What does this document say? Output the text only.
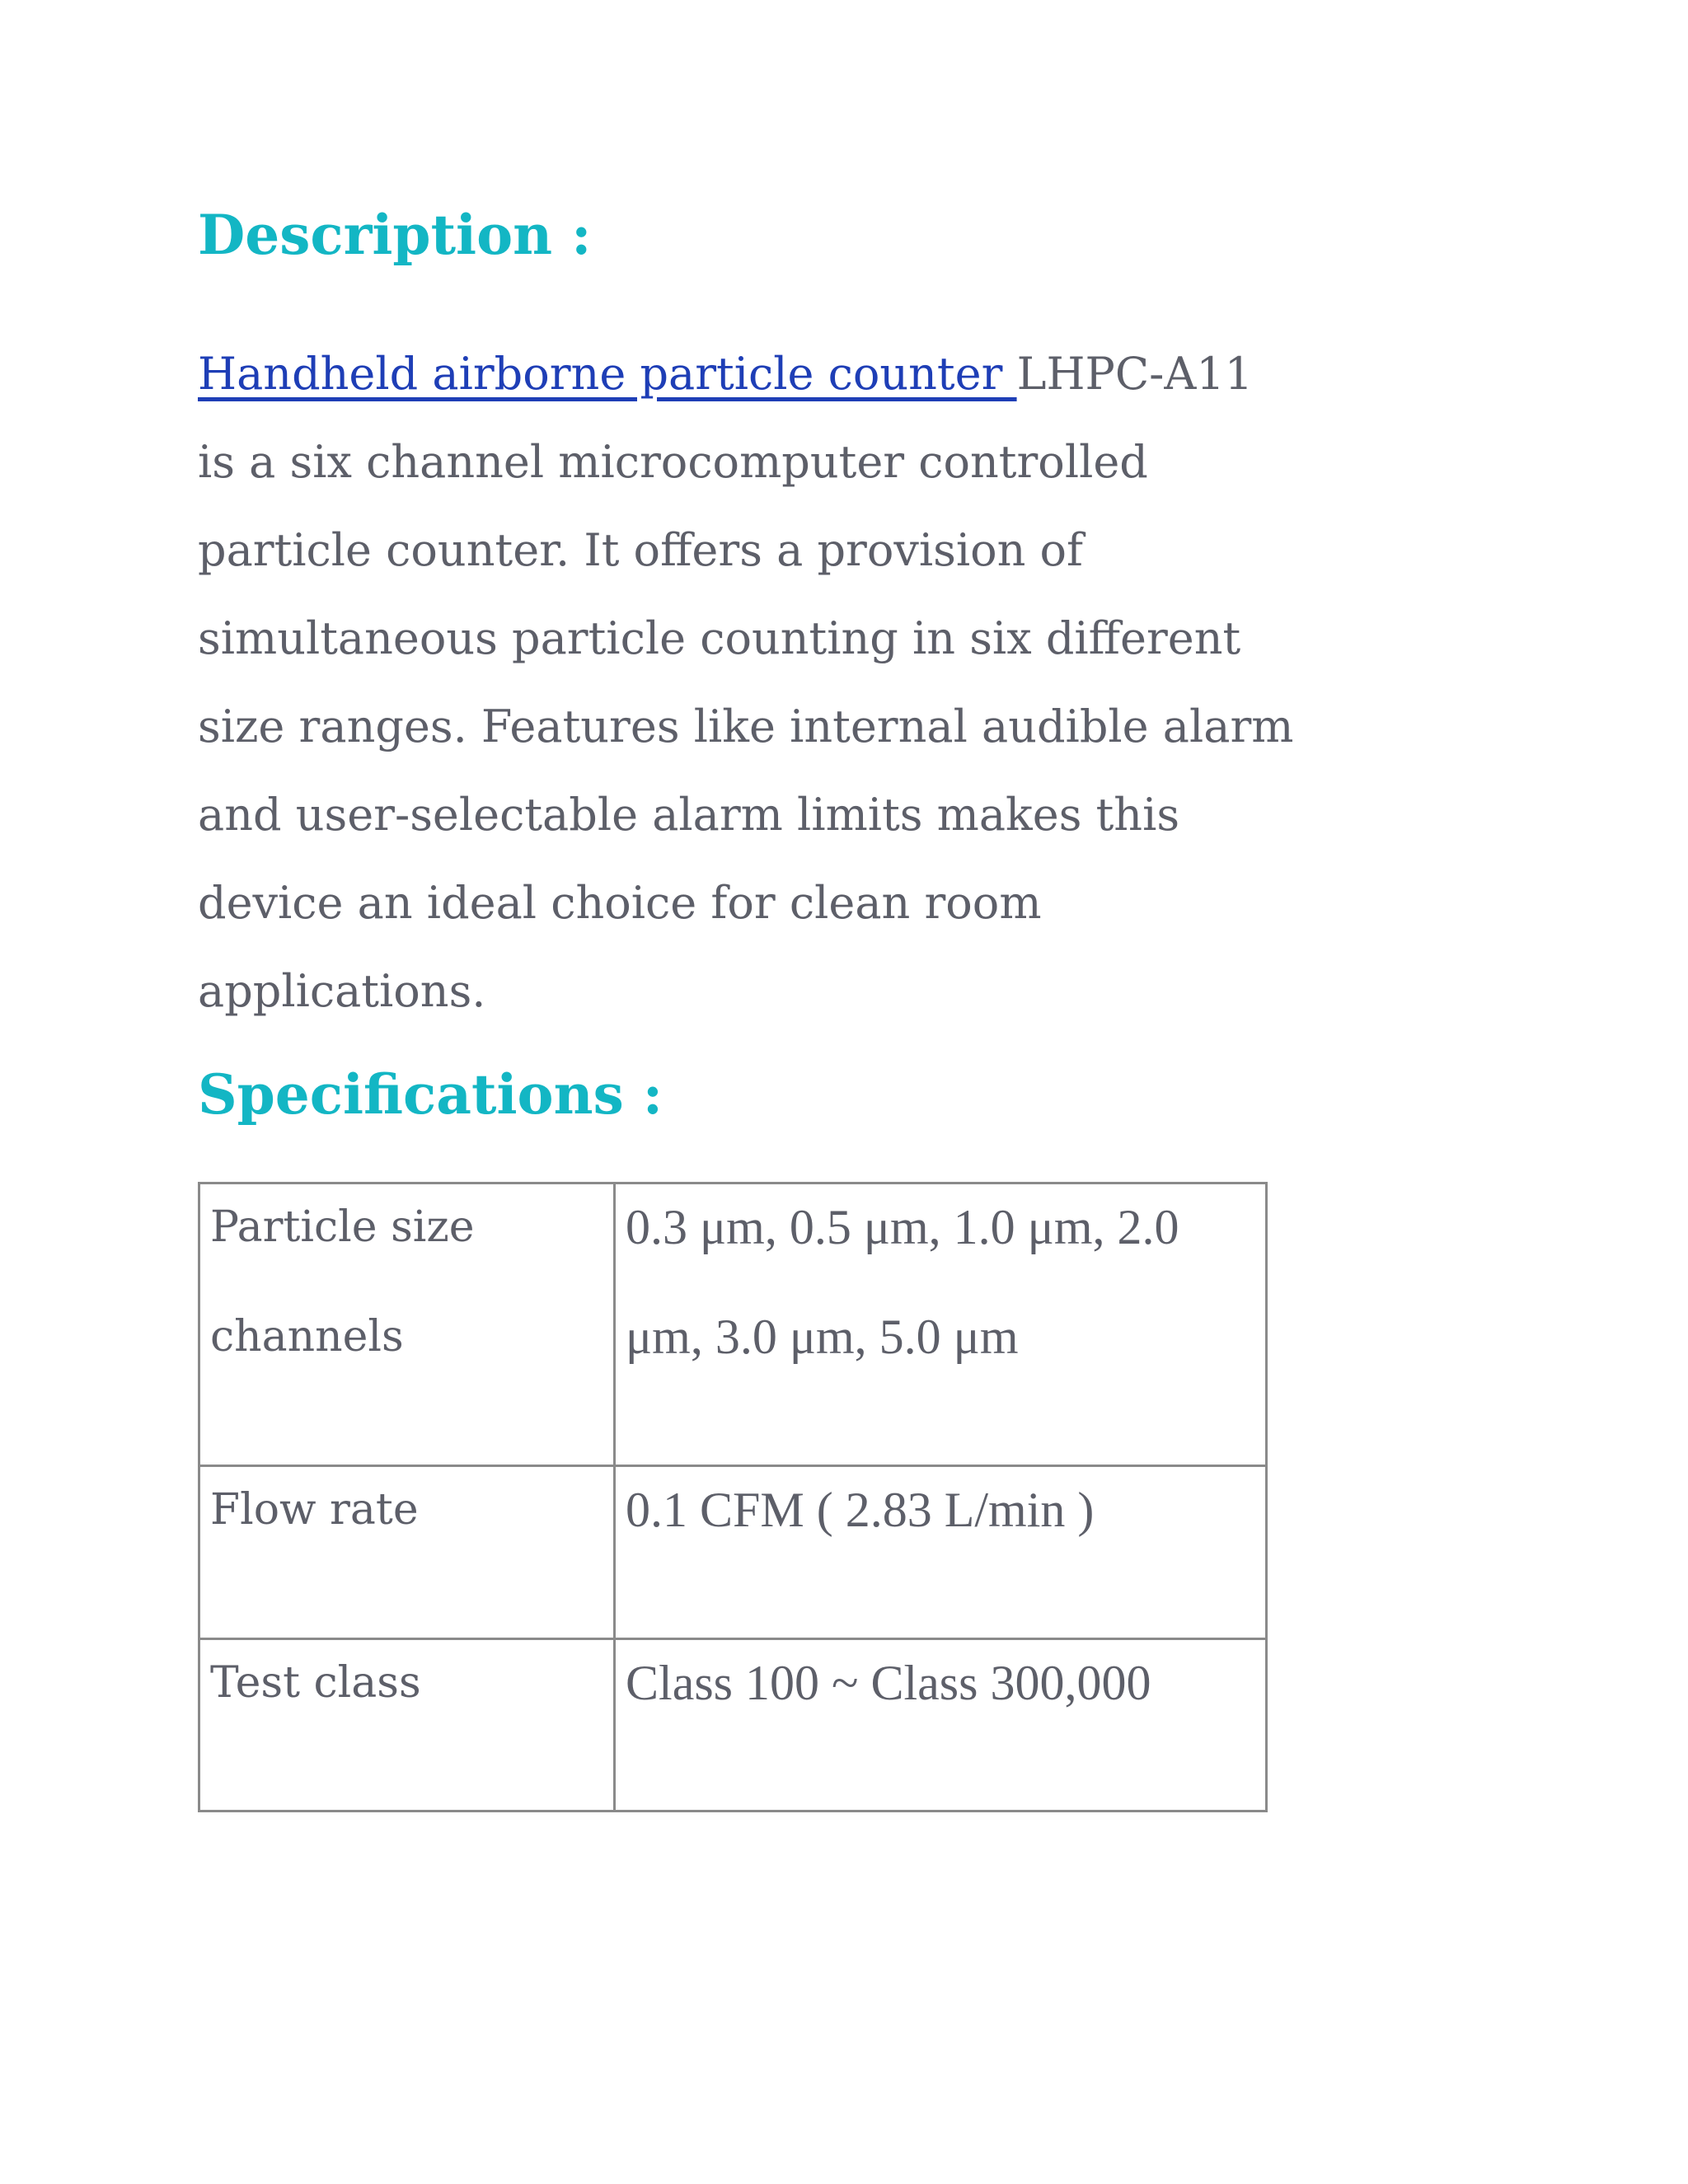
Description :

Handheld airborne particle counter LHPC-A11
is a six channel microcomputer controlled
particle counter. It offers a provision of
simultaneous particle counting in six different
size ranges. Features like internal audible alarm
and user-selectable alarm limits makes this
device an ideal choice for clean room
applications.

Specifications :
Particle size
channels	0.3 μm, 0.5 μm, 1.0 μm, 2.0
μm, 3.0 μm, 5.0 μm

Flow rate	0.1 CFM ( 2.83 L/min )

Test class	Class 100 ~ Class 300,000
